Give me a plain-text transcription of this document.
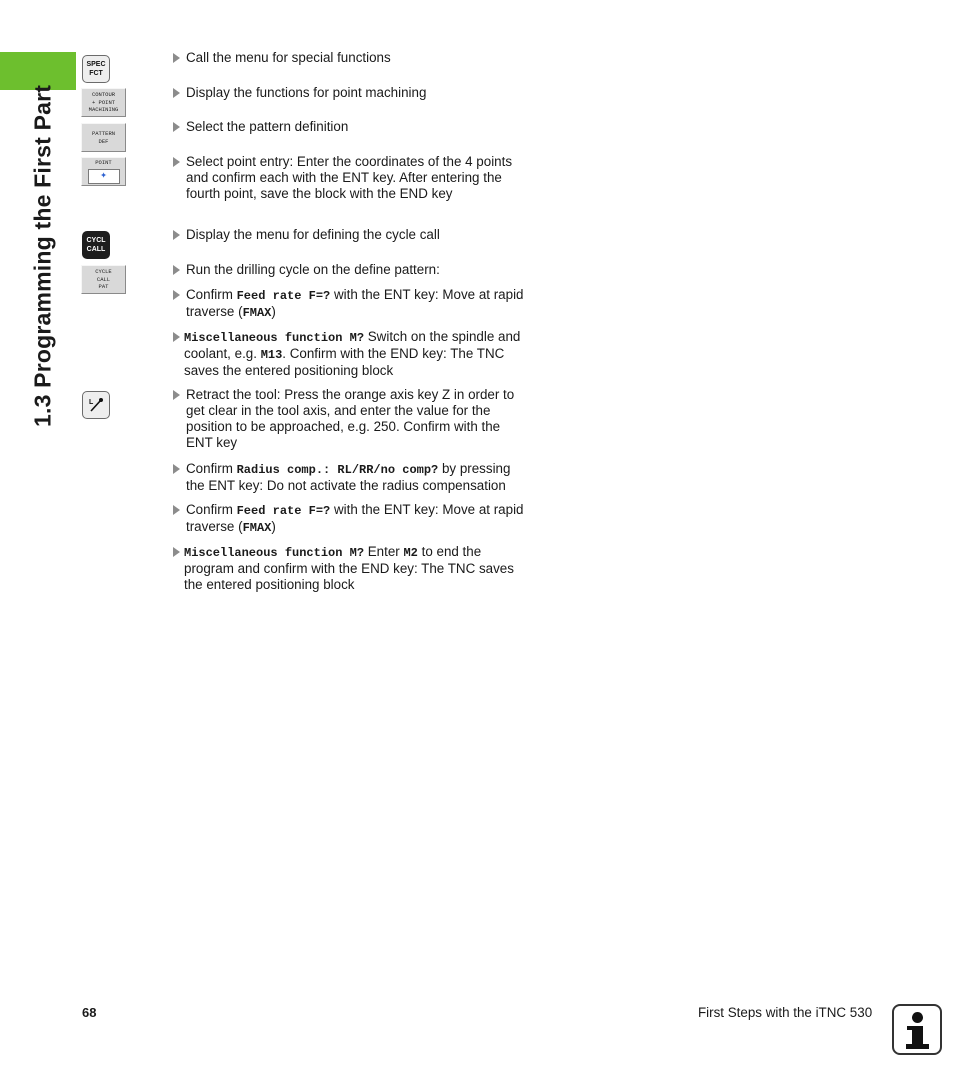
1.3 Programming the First Part
SPEC
FCT
CONTOUR
+ POINT
MACHINING
PATTERN
DEF
POINT
✦
CYCL
CALL
CYCLE
CALL
PAT
L
Call the menu for special functions
Display the functions for point machining
Select the pattern definition
Select point entry: Enter the coordinates of the 4 points and confirm each with the ENT key. After entering the fourth point, save the block with the END key
Display the menu for defining the cycle call
Run the drilling cycle on the define pattern:
Confirm Feed rate F=? with the ENT key: Move at rapid traverse (FMAX)
Miscellaneous function M? Switch on the spindle and coolant, e.g. M13. Confirm with the END key: The TNC saves the entered positioning block
Retract the tool: Press the orange axis key Z in order to get clear in the tool axis, and enter the value for the position to be approached, e.g. 250. Confirm with the ENT key
Confirm Radius comp.: RL/RR/no comp? by pressing the ENT key: Do not activate the radius compensation
Confirm Feed rate F=? with the ENT key: Move at rapid traverse (FMAX)
Miscellaneous function M? Enter M2 to end the program and confirm with the END key: The TNC saves the entered positioning block
68	First Steps with the iTNC 530
